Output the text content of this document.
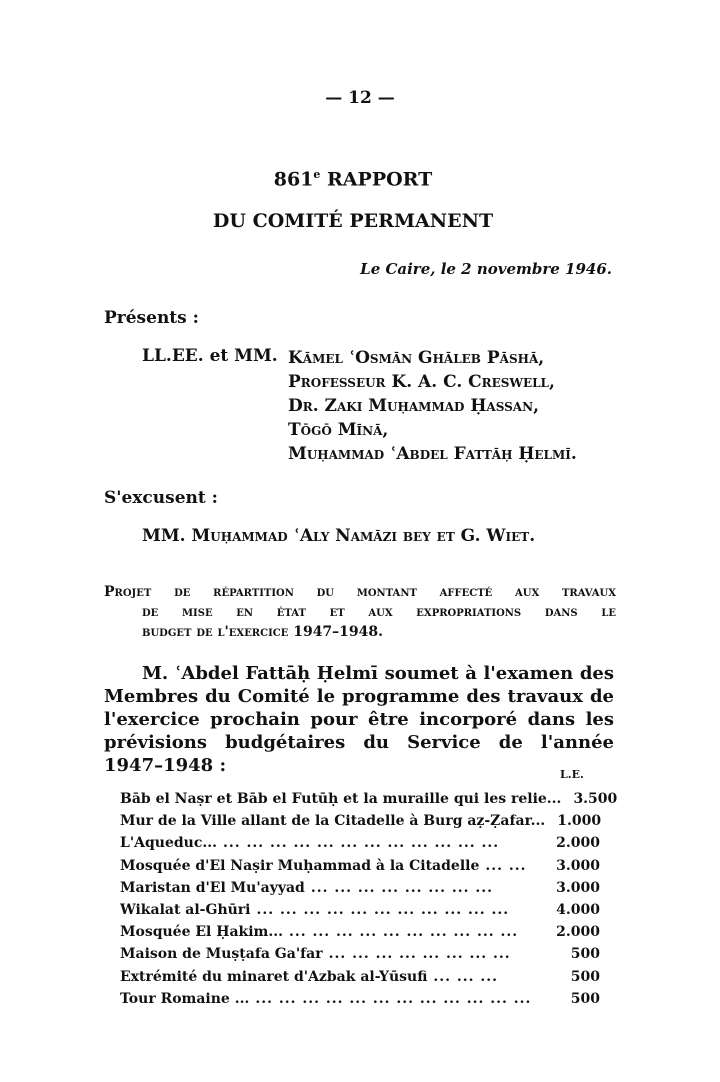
— 12 —
861e RAPPORT
DU COMITÉ PERMANENT
Le Caire, le 2 novembre 1946.
Présents :
LL.EE. et MM. Kāmel ʿOsmān Ghāleb Pāshā,
Professeur K. A. C. Creswell,
Dr. Zaki Muḥammad Ḥassan,
Tōgō Mīnā,
Muḥammad ʿAbdel Fattāḥ Ḥelmī.
S'excusent :
MM. Muḥammad ʿAly Namāzi bey et G. Wiet.
Projet de répartition du montant affecté aux travaux
de mise en état et aux expropriations dans le
budget de l'exercice 1947–1948.
M. ʿAbdel Fattāḥ Ḥelmī soumet à l'examen des Membres du Comité le programme des travaux de l'exercice prochain pour être incorporé dans les prévisions budgétaires du Service de l'année 1947–1948 :	L.E.
Bāb el Naṣr et Bāb el Futūḥ et la muraille qui les relie... 3.500
Mur de la Ville allant de la Citadelle à Burg aẓ-Ẓafar... 1.000
L'Aqueduc... ... ... ... ... ... ... ... ... ... ... ... ...	2.000
Mosquée d'El Naṣir Muḥammad à la Citadelle ... ...	3.000
Maristan d'El Mu'ayyad ... ... ... ... ... ... ... ...	3.000
Wikalat al-Ghūri ... ... ... ... ... ... ... ... ... ... ...	4.000
Mosquée El Ḥakim... ... ... ... ... ... ... ... ... ... ...	2.000
Maison de Muṣṭafa Ga'far ... ... ... ... ... ... ... ...	500
Extrémité du minaret d'Azbak al-Yūsufi ... ... ...	500
Tour Romaine ... ... ... ... ... ... ... ... ... ... ... ... ...	500
